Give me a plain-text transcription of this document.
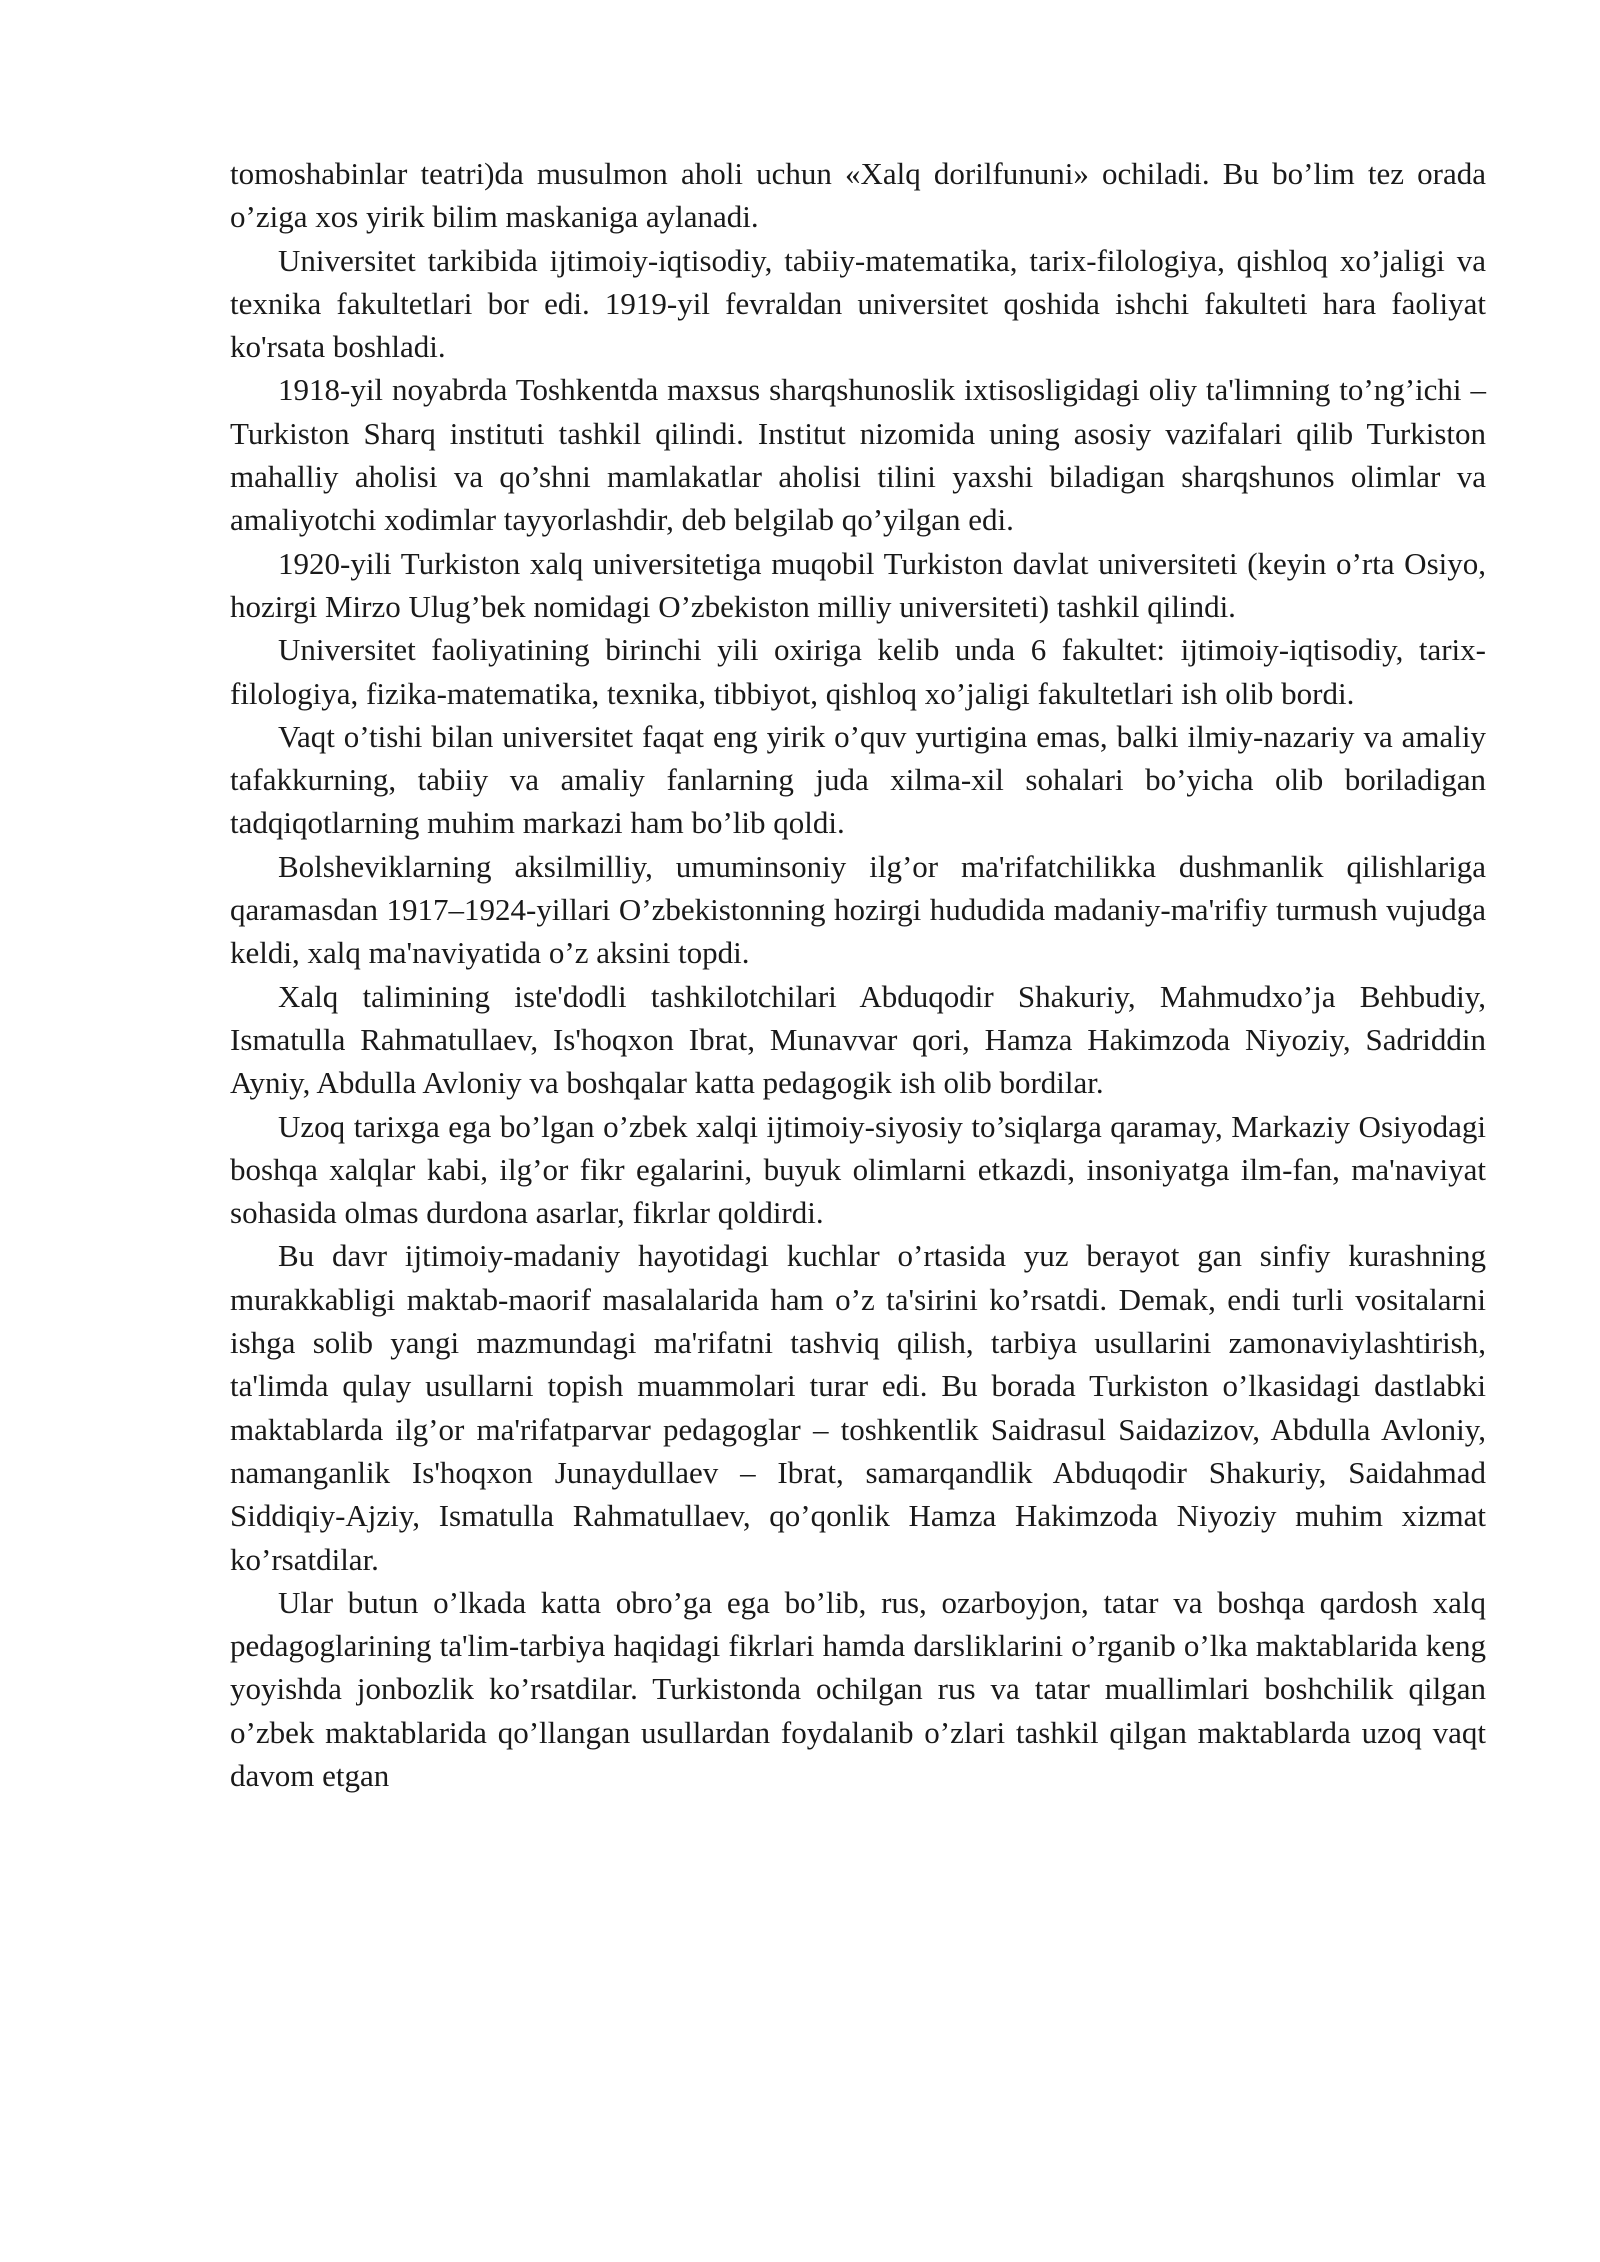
tomoshabinlar teatri)da musulmon aholi uchun «Xalq dorilfununi» ochiladi. Bu bo’lim tez orada o’ziga xos yirik bilim maskaniga aylanadi.

Universitet tarkibida ijtimoiy-iqtisodiy, tabiiy-matematika, tarix-filologiya, qishloq xo’jaligi va texnika fakultetlari bor edi. 1919-yil fevraldan universitet qoshida ishchi fakulteti hara faoliyat ko'rsata boshladi.

1918-yil noyabrda Toshkentda maxsus sharqshunoslik ixtisosligidagi oliy ta'limning to’ng’ichi – Turkiston Sharq instituti tashkil qilindi. Institut nizomida uning asosiy vazifalari qilib Turkiston mahalliy aholisi va qo’shni mamlakatlar aholisi tilini yaxshi biladigan sharqshunos olimlar va amaliyotchi xodimlar tayyorlashdir, deb belgilab qo’yilgan edi.

1920-yili Turkiston xalq universitetiga muqobil Turkiston davlat universiteti (keyin o’rta Osiyo, hozirgi Mirzo Ulug’bek nomidagi O’zbekiston milliy universiteti) tashkil qilindi.

Universitet faoliyatining birinchi yili oxiriga kelib unda 6 fakultet: ijtimoiy-iqtisodiy, tarix-filologiya, fizika-matematika, texnika, tibbiyot, qishloq xo’jaligi fakultetlari ish olib bordi.

Vaqt o’tishi bilan universitet faqat eng yirik o’quv yurtigina emas, balki ilmiy-nazariy va amaliy tafakkurning, tabiiy va amaliy fanlarning juda xilma-xil sohalari bo’yicha olib boriladigan tadqiqotlarning muhim markazi ham bo’lib qoldi.

Bolsheviklarning aksilmilliy, umuminsoniy ilg’or ma'rifatchilikka dushmanlik qilishlariga qaramasdan 1917–1924-yillari O’zbekistonning hozirgi hududida madaniy-ma'rifiy turmush vujudga keldi, xalq ma'naviyatida o’z aksini topdi.

Xalq talimining iste'dodli tashkilotchilari Abduqodir Shakuriy, Mahmudxo’ja Behbudiy, Ismatulla Rahmatullaev, Is'hoqxon Ibrat, Munavvar qori, Hamza Hakimzoda Niyoziy, Sadriddin Ayniy, Abdulla Avloniy va boshqalar katta pedagogik ish olib bordilar.

Uzoq tarixga ega bo’lgan o’zbek xalqi ijtimoiy-siyosiy to’siqlarga qaramay, Markaziy Osiyodagi boshqa xalqlar kabi, ilg’or fikr egalarini, buyuk olimlarni etkazdi, insoniyatga ilm-fan, ma'naviyat sohasida olmas durdona asarlar, fikrlar qoldirdi.

Bu davr ijtimoiy-madaniy hayotidagi kuchlar o’rtasida yuz berayot gan sinfiy kurashning murakkabligi maktab-maorif masalalarida ham o’z ta'sirini ko’rsatdi. Demak, endi turli vositalarni ishga solib yangi mazmundagi ma'rifatni tashviq qilish, tarbiya usullarini zamonaviylashtirish, ta'limda qulay usullarni topish muammolari turar edi. Bu borada Turkiston o’lkasidagi dastlabki maktablarda ilg’or ma'rifatparvar pedagoglar – toshkentlik Saidrasul Saidazizov, Abdulla Avloniy, namanganlik Is'hoqxon Junaydullaev – Ibrat, samarqandlik Abduqodir Shakuriy, Saidahmad Siddiqiy-Ajziy, Ismatulla Rahmatullaev, qo’qonlik Hamza Hakimzoda Niyoziy muhim xizmat ko’rsatdilar.

Ular butun o’lkada katta obro’ga ega bo’lib, rus, ozarboyjon, tatar va boshqa qardosh xalq pedagoglarining ta'lim-tarbiya haqidagi fikrlari hamda darsliklarini o’rganib o’lka maktablarida keng yoyishda jonbozlik ko’rsatdilar. Turkistonda ochilgan rus va tatar muallimlari boshchilik qilgan o’zbek maktablarida qo’llangan usullardan foydalanib o’zlari tashkil qilgan maktablarda uzoq vaqt davom etgan
